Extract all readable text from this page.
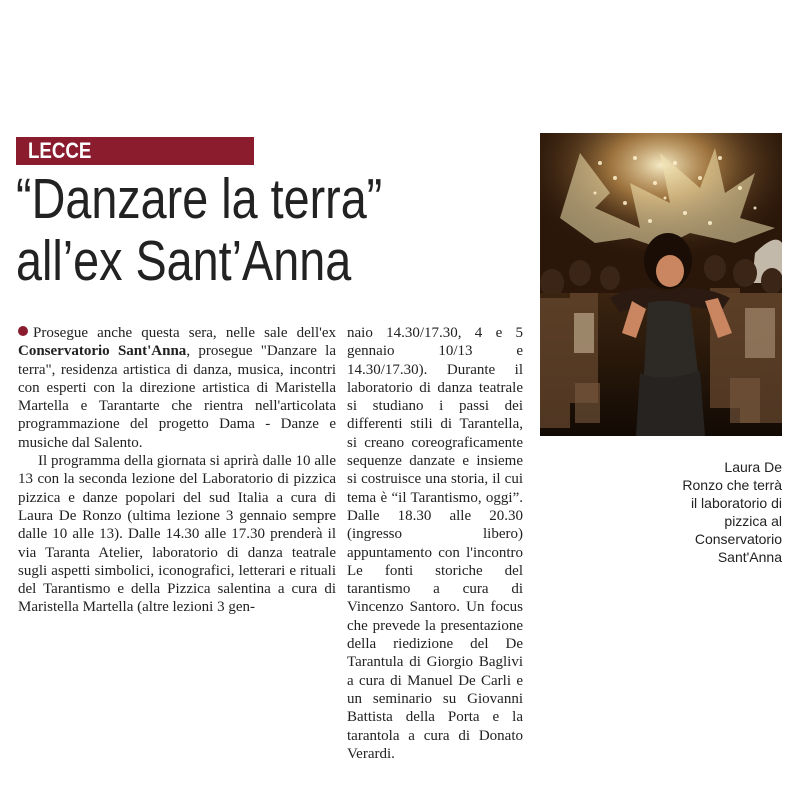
LECCE
“Danzare la terra”
all’ex Sant’Anna

Prosegue anche questa sera, nelle sale dell'ex Conservatorio Sant'Anna, prosegue "Danzare la terra", residenza artistica di danza, musica, incontri con esperti con la direzione artistica di Maristella Martella e Tarantarte che rientra nell'articolata programmazione del progetto Dama - Danze e musiche dal Salento.

Il programma della giornata si aprirà dalle 10 alle 13 con la seconda lezione del Laboratorio di pizzica pizzica e danze popolari del sud Italia a cura di Laura De Ronzo (ultima lezione 3 gennaio sempre dalle 10 alle 13). Dalle 14.30 alle 17.30 prenderà il via Taranta Atelier, laboratorio di danza teatrale sugli aspetti simbolici, iconografici, letterari e rituali del Tarantismo e della Pizzica salentina a cura di Maristella Martella (altre lezioni 3 gen-

naio 14.30/17.30, 4 e 5 gennaio 10/13 e 14.30/17.30). Durante il laboratorio di danza teatrale si studiano i passi dei differenti stili di Tarantella, si creano coreograficamente sequenze danzate e insieme si costruisce una storia, il cui tema è “il Tarantismo, oggi”. Dalle 18.30 alle 20.30 (ingresso libero) appuntamento con l'incontro Le fonti storiche del tarantismo a cura di Vincenzo Santoro. Un focus che prevede la presentazione della riedizione del De Tarantula di Giorgio Baglivi a cura di Manuel De Carli e un seminario su Giovanni Battista della Porta e la tarantola a cura di Donato Verardi.

Laura De
Ronzo che terrà
il laboratorio di
pizzica al
Conservatorio
Sant'Anna
